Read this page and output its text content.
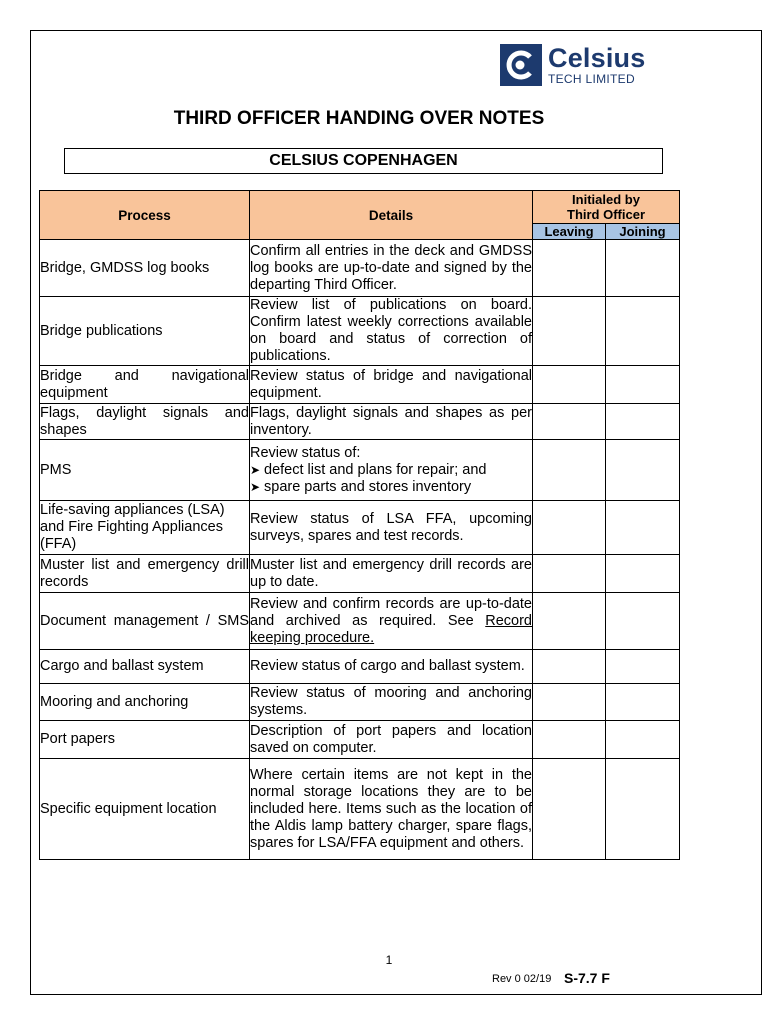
Celsius
TECH LIMITED
THIRD OFFICER HANDING OVER NOTES
CELSIUS COPENHAGEN
Process	Details	Initialed by
Third Officer	
		Leaving	Joining
Bridge, GMDSS log books	Confirm all entries in the deck and GMDSS log books are up-to-date and signed by the departing Third Officer.		
Bridge publications	Review list of publications on board. Confirm latest weekly corrections available on board and status of correction of publications.		
Bridge and navigational equipment	Review status of bridge and navigational equipment.		
Flags, daylight signals and shapes	Flags, daylight signals and shapes as per inventory.		
PMS	Review status of:
➤ defect list and plans for repair; and
➤ spare parts and stores inventory		

Life-saving appliances (LSA) and Fire Fighting Appliances (FFA)	Review status of LSA FFA, upcoming surveys, spares and test records.		
Muster list and emergency drill records	Muster list and emergency drill records are up to date.		
Document management / SMS	Review and confirm records are up-to-date and archived as required. See Record keeping procedure.		
Cargo and ballast system	Review status of cargo and ballast system.		
Mooring and anchoring	Review status of mooring and anchoring systems.		
Port papers	Description of port papers and location saved on computer.		
Specific equipment location	Where certain items are not kept in the normal storage locations they are to be included here. Items such as the location of the Aldis lamp battery charger, spare flags, spares for LSA/FFA equipment and others.		
1
Rev 0 02/19 S-7.7 F
